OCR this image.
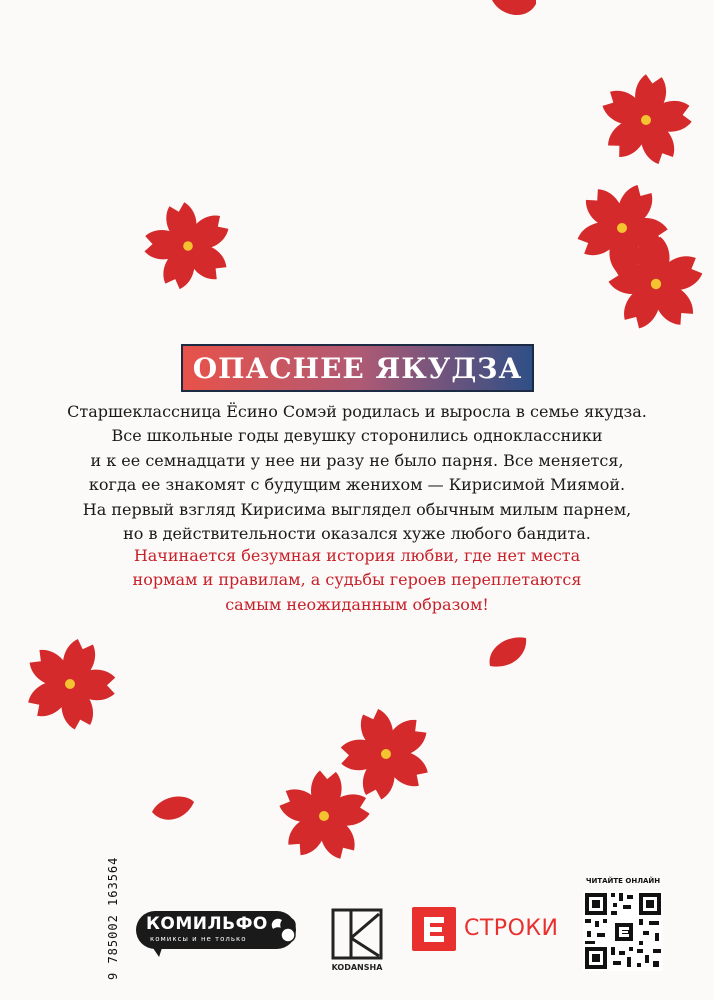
ОПАСНЕЕ ЯКУДЗА
Старшеклассница Ёсино Сомэй родилась и выросла в семье якудза.
Все школьные годы девушку сторонились одноклассники
и к ее семнадцати у нее ни разу не было парня. Все меняется,
когда ее знакомят с будущим женихом — Кирисимой Миямой.
На первый взгляд Кирисима выглядел обычным милым парнем,
но в действительности оказался хуже любого бандита.
Начинается безумная история любви, где нет места
нормам и правилам, а судьбы героев переплетаются
самым неожиданным образом!
9 785002 163564 КОМИЛЬФО
комиксы и не только
KODANSHA
СТРОКИ
ЧИТАЙТЕ ОНЛАЙН
